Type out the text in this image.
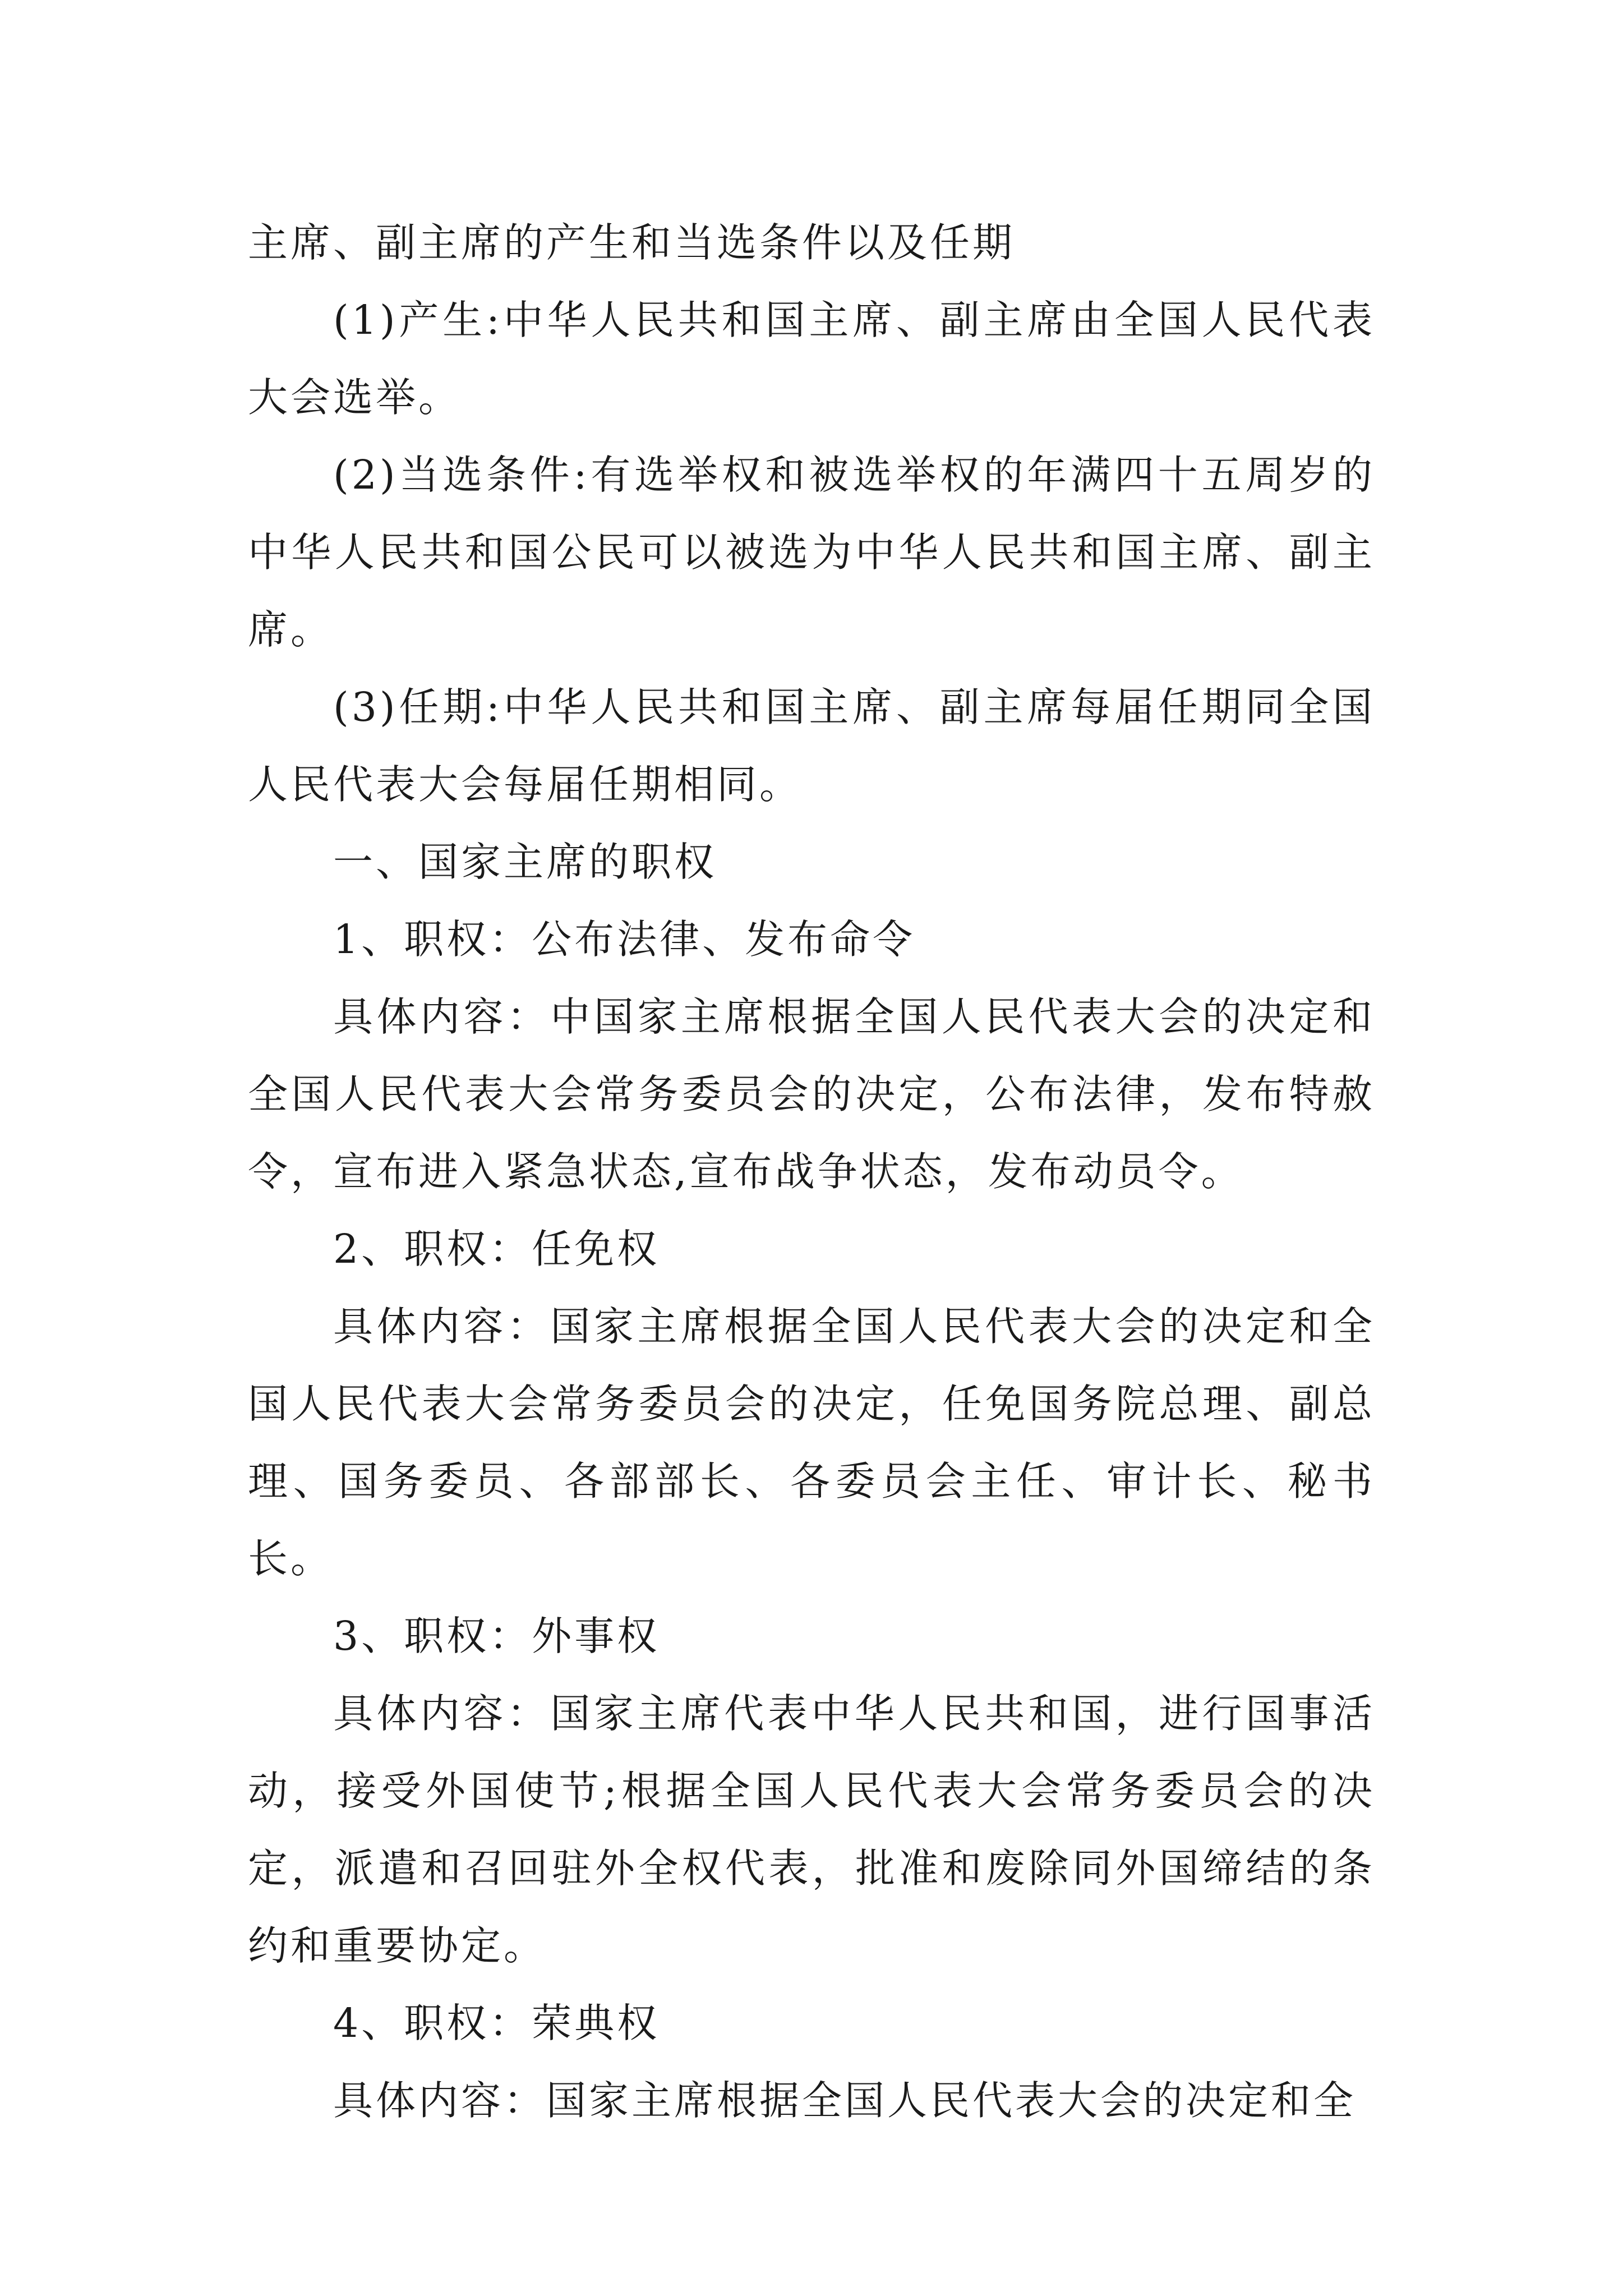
主席、副主席的产生和当选条件以及任期

(1)产生:中华人民共和国主席、副主席由全国人民代表大会选举。

(2)当选条件:有选举权和被选举权的年满四十五周岁的中华人民共和国公民可以被选为中华人民共和国主席、副主席。

(3)任期:中华人民共和国主席、副主席每届任期同全国人民代表大会每届任期相同。

一、国家主席的职权

1、职权：公布法律、发布命令

具体内容：中国家主席根据全国人民代表大会的决定和全国人民代表大会常务委员会的决定，公布法律，发布特赦令，宣布进入紧急状态,宣布战争状态，发布动员令。

2、职权：任免权

具体内容：国家主席根据全国人民代表大会的决定和全国人民代表大会常务委员会的决定，任免国务院总理、副总理、国务委员、各部部长、各委员会主任、审计长、秘书长。

3、职权：外事权

具体内容：国家主席代表中华人民共和国，进行国事活动，接受外国使节;根据全国人民代表大会常务委员会的决定，派遣和召回驻外全权代表，批准和废除同外国缔结的条约和重要协定。

4、职权：荣典权

具体内容：国家主席根据全国人民代表大会的决定和全
